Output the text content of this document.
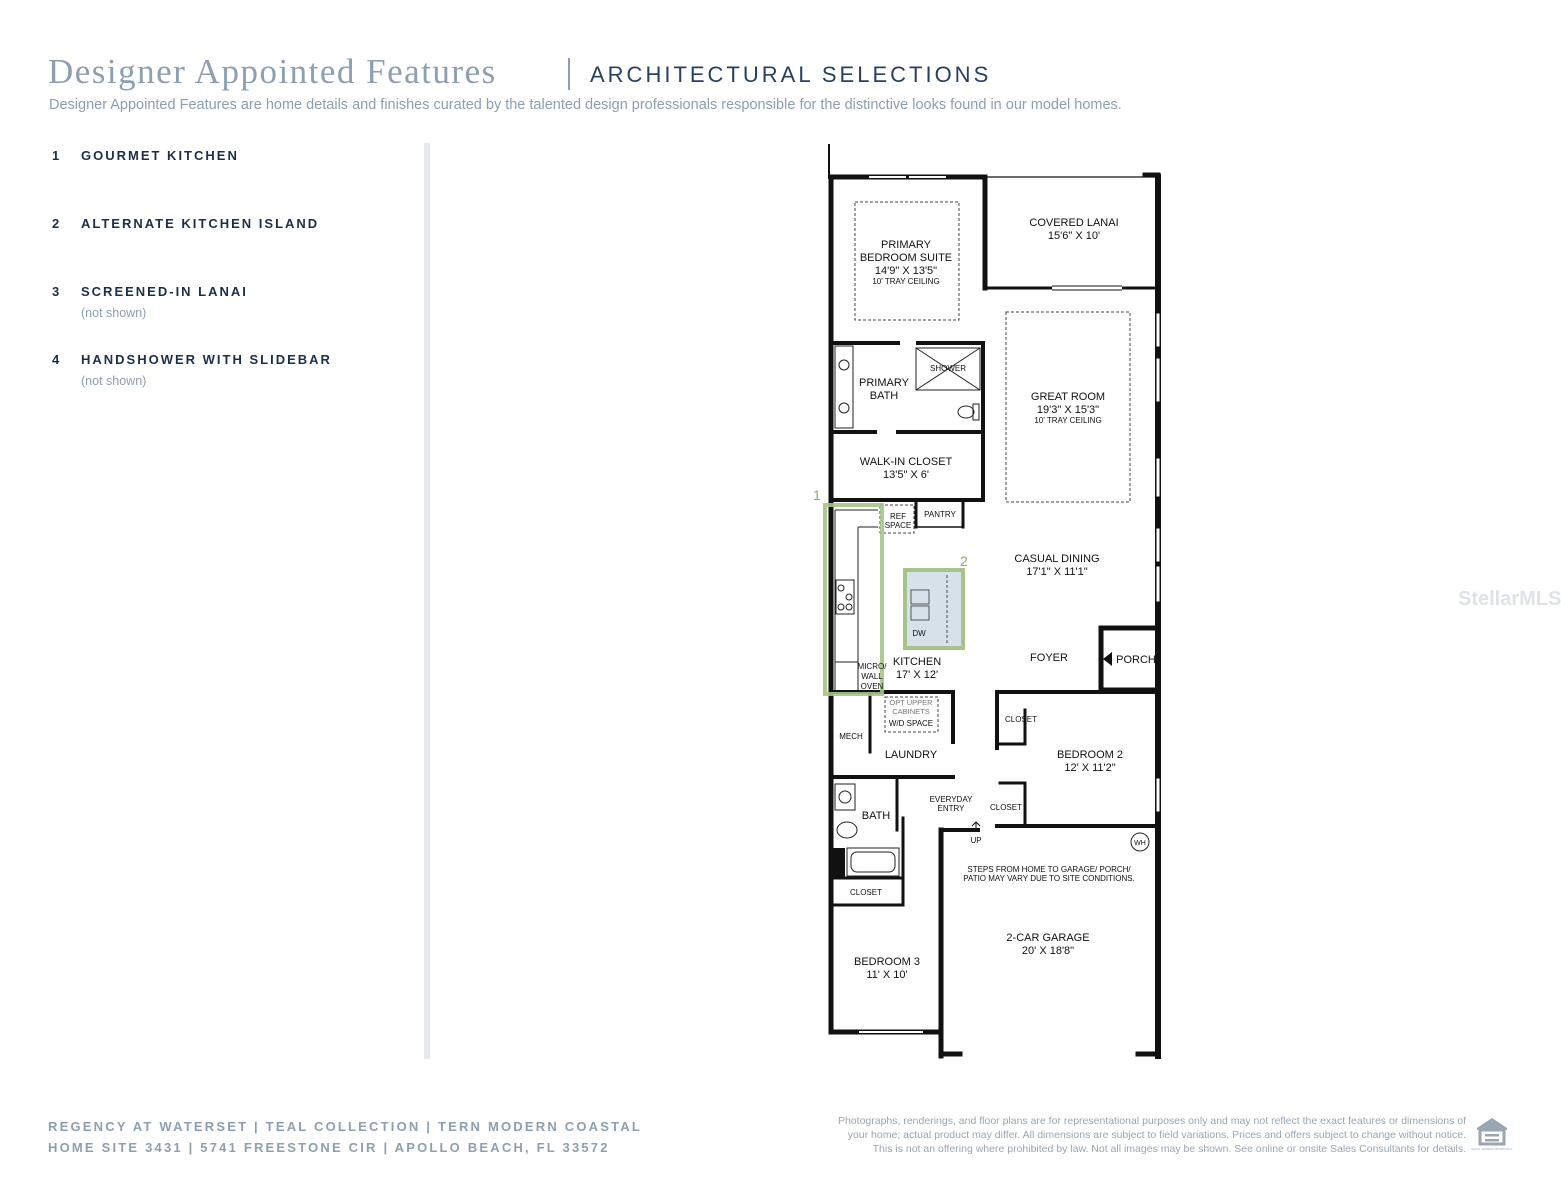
Designer Appointed Features	ARCHITECTURAL SELECTIONS
Designer Appointed Features are home details and finishes curated by the talented design professionals responsible for the distinctive looks found in our model homes.
1 GOURMET KITCHEN
2 ALTERNATE KITCHEN ISLAND
3 SCREENED-IN LANAI
(not shown)
4 HANDSHOWER WITH SLIDEBAR
(not shown)
StellarMLS
1
2
COVERED LANAI
15'6" X 10'
PRIMARY
BEDROOM SUITE
14'9" X 13'5"
10' TRAY CEILING
PRIMARY
BATH
SHOWER
WALK-IN CLOSET
13'5" X 6'
GREAT ROOM
19'3" X 15'3"
10' TRAY CEILING
REF
SPACE
PANTRY
CASUAL DINING
17'1" X 11'1"
DW
MICRO/
WALL
OVEN
KITCHEN
17' X 12'
FOYER	PORCH
OPT UPPER
CABINETS
W/D SPACE
MECH
LAUNDRY
CLOSET
BEDROOM 2
12' X 11'2"
EVERYDAY
ENTRY	CLOSET
BATH
UP	WH
STEPS FROM HOME TO GARAGE/ PORCH/
PATIO MAY VARY DUE TO SITE CONDITIONS.
CLOSET
BEDROOM 3
11' X 10'
2-CAR GARAGE
20' X 18'8"
REGENCY AT WATERSET | TEAL COLLECTION | TERN MODERN COASTAL
HOME SITE 3431 | 5741 FREESTONE CIR | APOLLO BEACH, FL 33572
Photographs, renderings, and floor plans are for representational purposes only and may not reflect the exact features or dimensions of
your home; actual product may differ. All dimensions are subject to field variations. Prices and offers subject to change without notice.
This is not an offering where prohibited by law. Not all images may be shown. See online or onsite Sales Consultants for details. EQUAL HOUSING OPPORTUNITY
